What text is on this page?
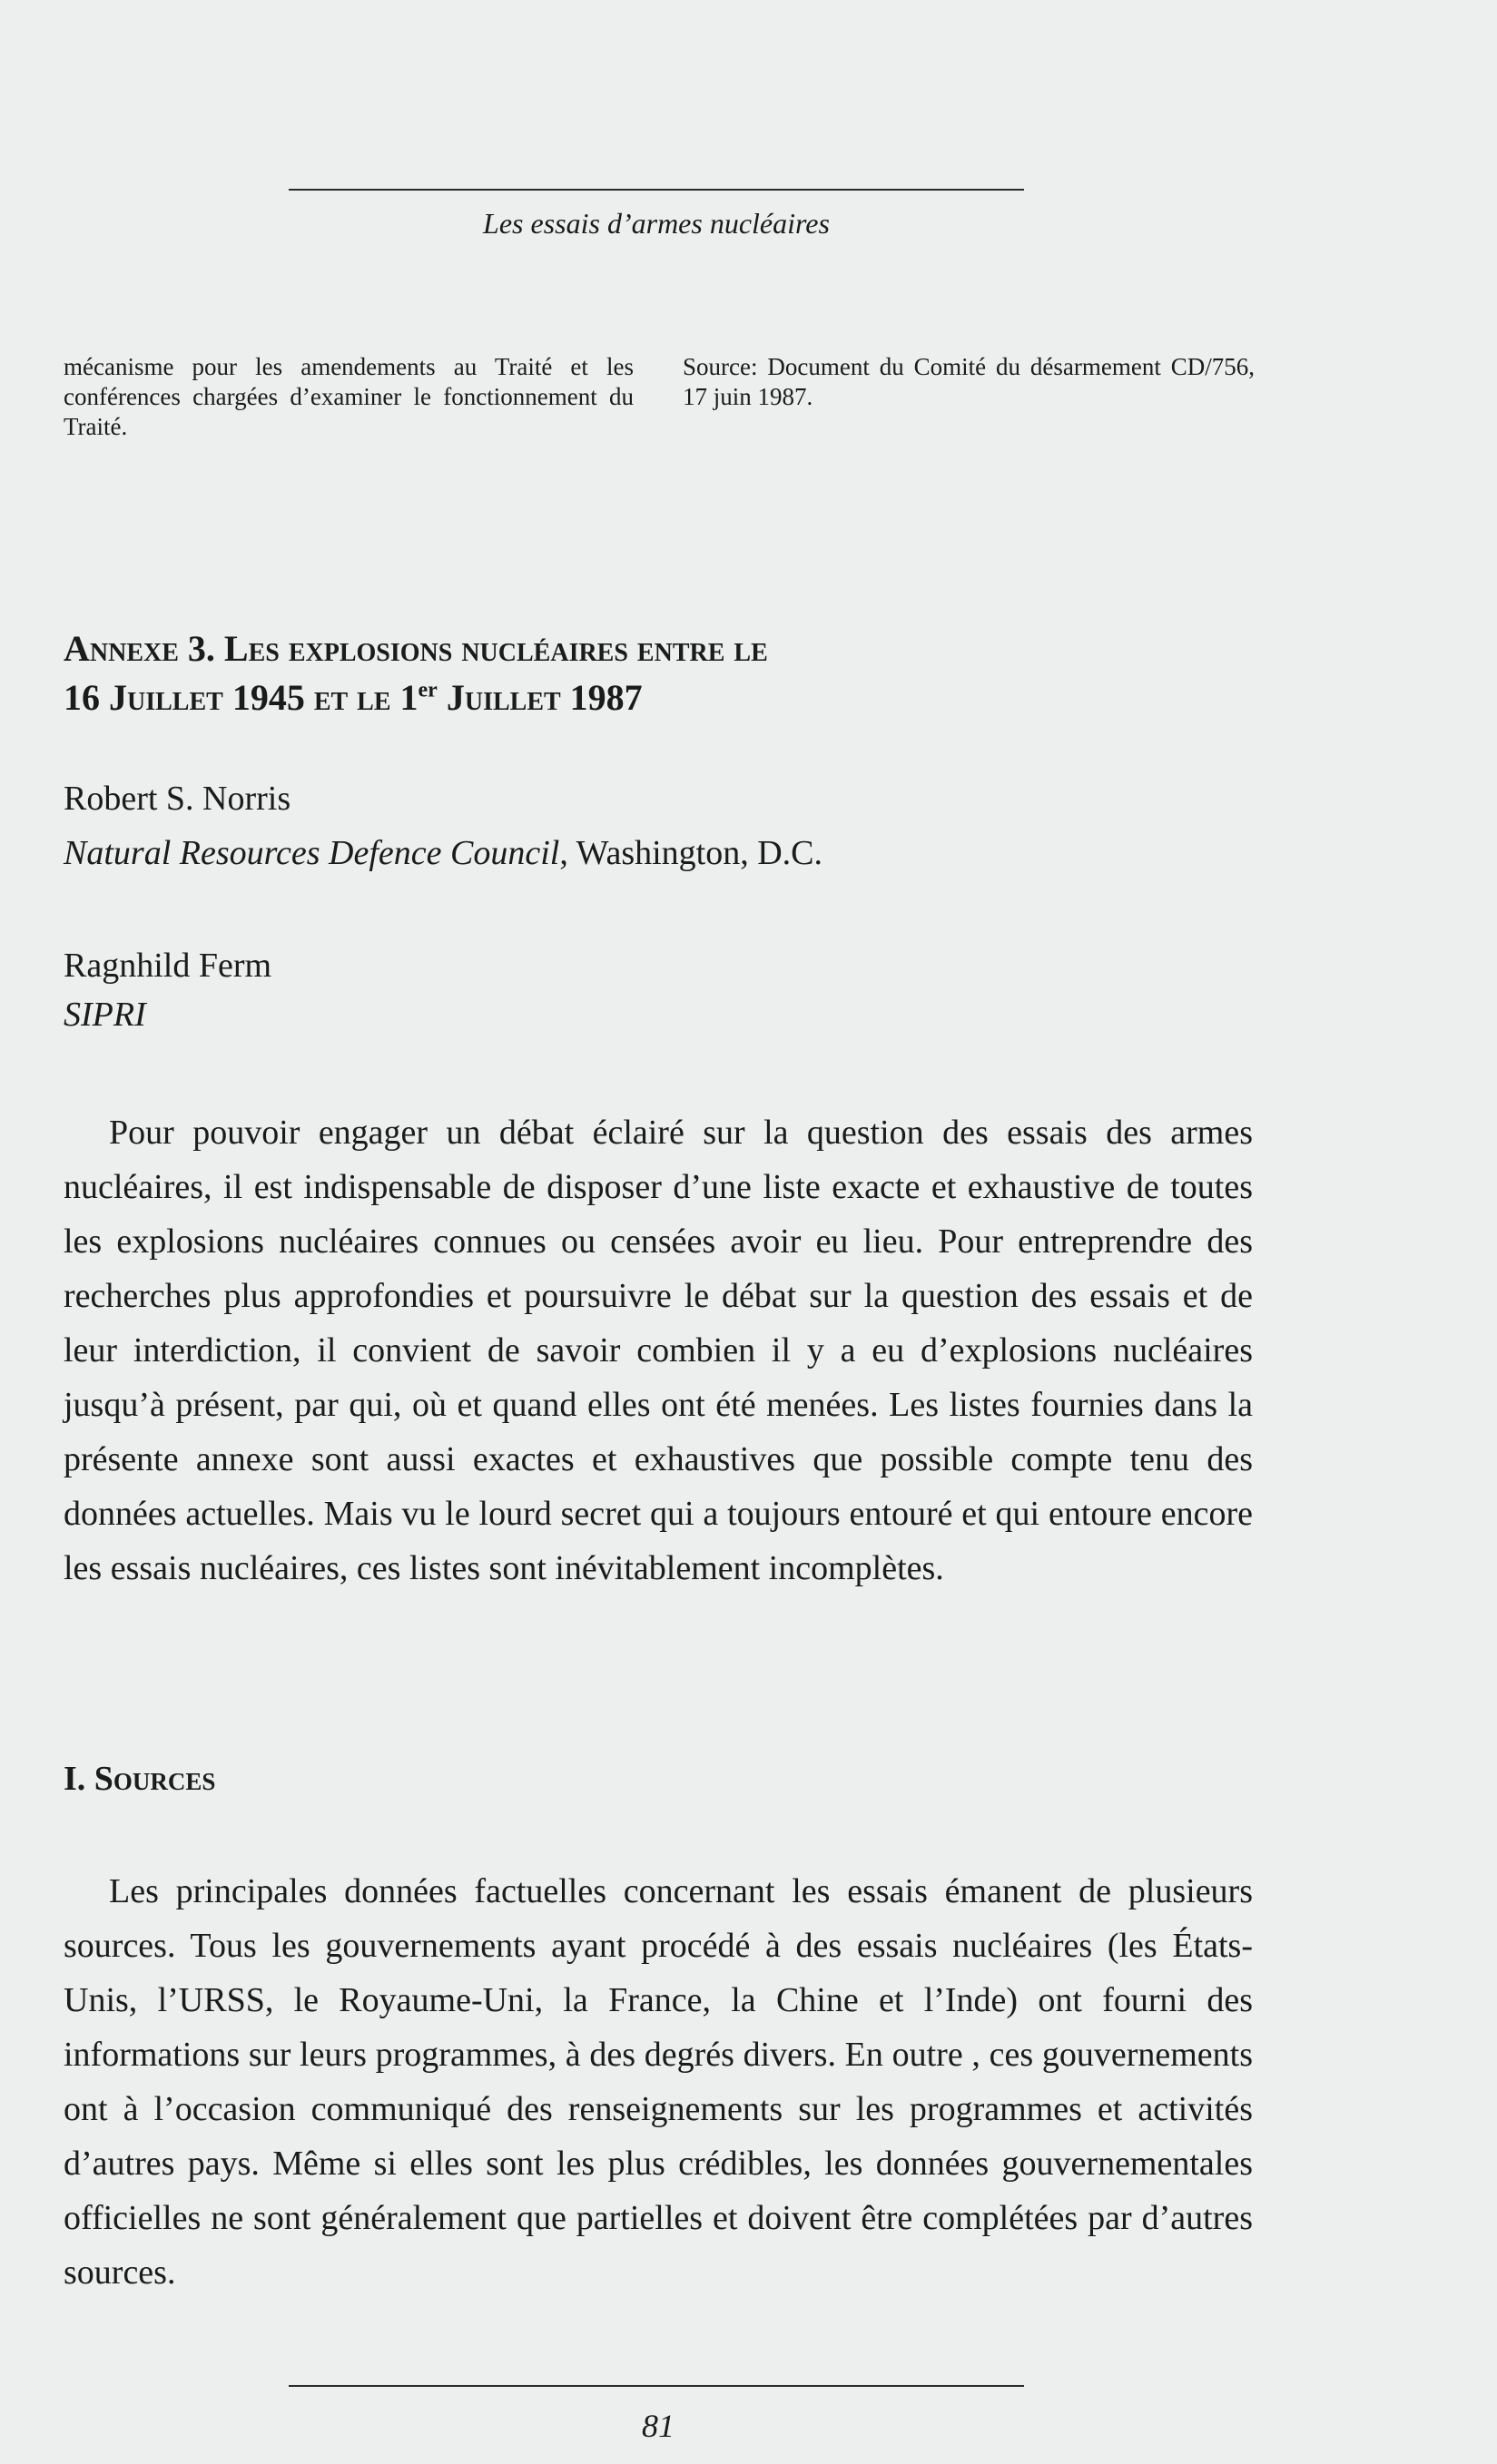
Les essais d’armes nucléaires
mécanisme pour les amendements au Traité et les conférences chargées d’examiner le fonctionnement du Traité.
Source: Document du Comité du désarmement CD/756, 17 juin 1987.
Annexe 3. Les explosions nucléaires entre le
16 Juillet 1945 et le 1er Juillet 1987
Robert S. Norris
Natural Resources Defence Council, Washington, D.C.
Ragnhild Ferm
SIPRI

Pour pouvoir engager un débat éclairé sur la question des essais des armes nucléaires, il est indispensable de disposer d’une liste exacte et exhaustive de toutes les explosions nucléaires connues ou censées avoir eu lieu. Pour entreprendre des recherches plus approfondies et poursuivre le débat sur la question des essais et de leur interdiction, il convient de savoir combien il y a eu d’explosions nucléaires jusqu’à présent, par qui, où et quand elles ont été menées. Les listes fournies dans la présente annexe sont aussi exactes et exhaustives que possible compte tenu des données actuelles. Mais vu le lourd secret qui a toujours entouré et qui entoure encore les essais nucléaires, ces listes sont inévitablement incomplètes.

I. Sources

Les principales données factuelles concernant les essais émanent de plusieurs sources. Tous les gouvernements ayant procédé à des essais nucléaires (les États-Unis, l’URSS, le Royaume-Uni, la France, la Chine et l’Inde) ont fourni des informations sur leurs programmes, à des degrés divers. En outre , ces gouvernements ont à l’occasion communiqué des renseignements sur les programmes et activités d’autres pays. Même si elles sont les plus crédibles, les données gouvernementales officielles ne sont généralement que partielles et doivent être complétées par d’autres sources.

81
